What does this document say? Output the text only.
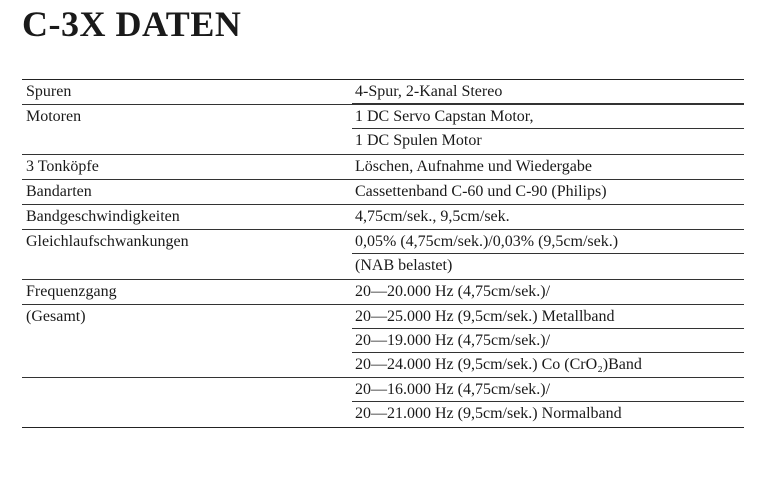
C-3X DATEN
Spuren	4-Spur, 2-Kanal Stereo
Motoren	1 DC Servo Capstan Motor,
1 DC Spulen Motor
3 Tonköpfe	Löschen, Aufnahme und Wiedergabe
Bandarten	Cassettenband C-60 und C-90 (Philips)
Bandgeschwindigkeiten	4,75cm/sek., 9,5cm/sek.
Gleichlaufschwankungen	0,05% (4,75cm/sek.)/0,03% (9,5cm/sek.)
(NAB belastet)
Frequenzgang	20—20.000 Hz (4,75cm/sek.)/
(Gesamt)	20—25.000 Hz (9,5cm/sek.) Metallband
20—19.000 Hz (4,75cm/sek.)/
20—24.000 Hz (9,5cm/sek.) Co (CrO₂)Band
20—16.000 Hz (4,75cm/sek.)/
20—21.000 Hz (9,5cm/sek.) Normalband
